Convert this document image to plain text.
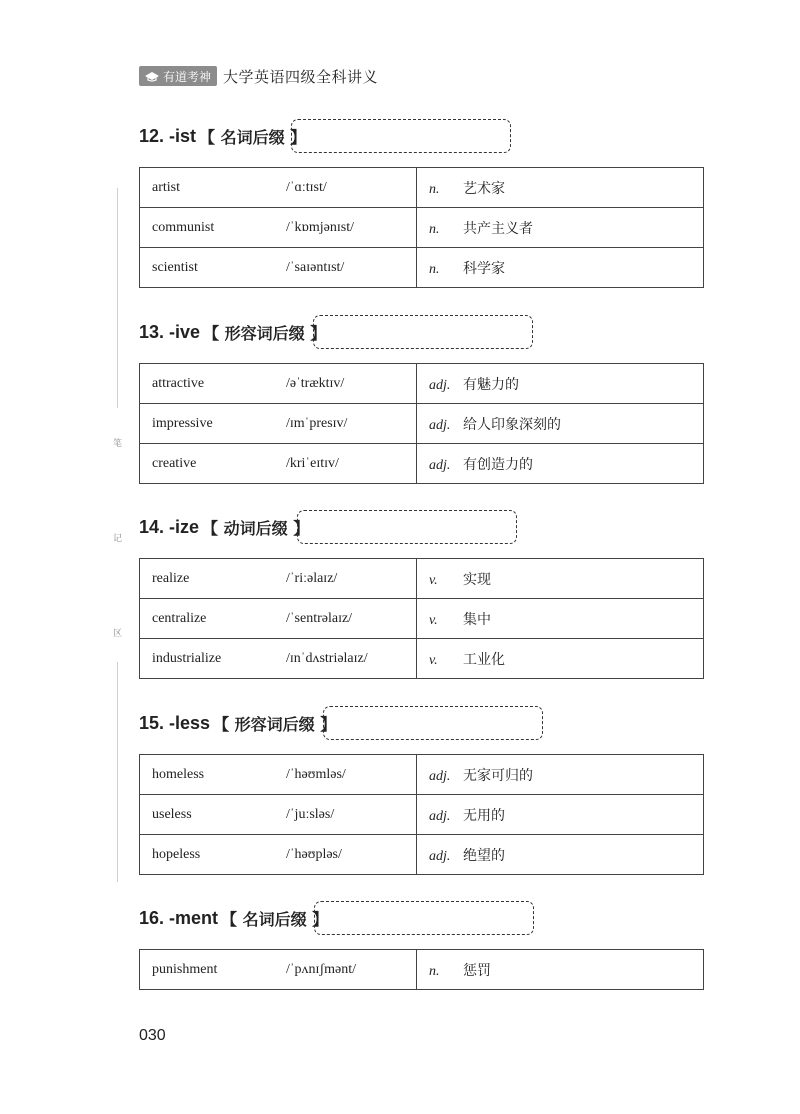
有道考神 大学英语四级全科讲义
笔
记
区
12. -ist 【 名词后缀 】
artist /ˈɑːtɪst/	n. 艺术家
communist /ˈkɒmjənɪst/	n. 共产主义者
scientist /ˈsaɪəntɪst/	n. 科学家
13. -ive 【 形容词后缀 】
attractive /əˈtræktɪv/	adj. 有魅力的
impressive /ɪmˈpresɪv/	adj. 给人印象深刻的
creative /kriˈeɪtɪv/	adj. 有创造力的
14. -ize 【 动词后缀 】
realize /ˈriːəlaɪz/	v. 实现
centralize /ˈsentrəlaɪz/	v. 集中
industrialize /ɪnˈdʌstriəlaɪz/	v. 工业化
15. -less 【 形容词后缀 】
homeless /ˈhəʊmləs/	adj. 无家可归的
useless /ˈjuːsləs/	adj. 无用的
hopeless /ˈhəʊpləs/	adj. 绝望的
16. -ment 【 名词后缀 】
punishment	/ˈpʌnɪʃmənt/	n. 惩罚
030
